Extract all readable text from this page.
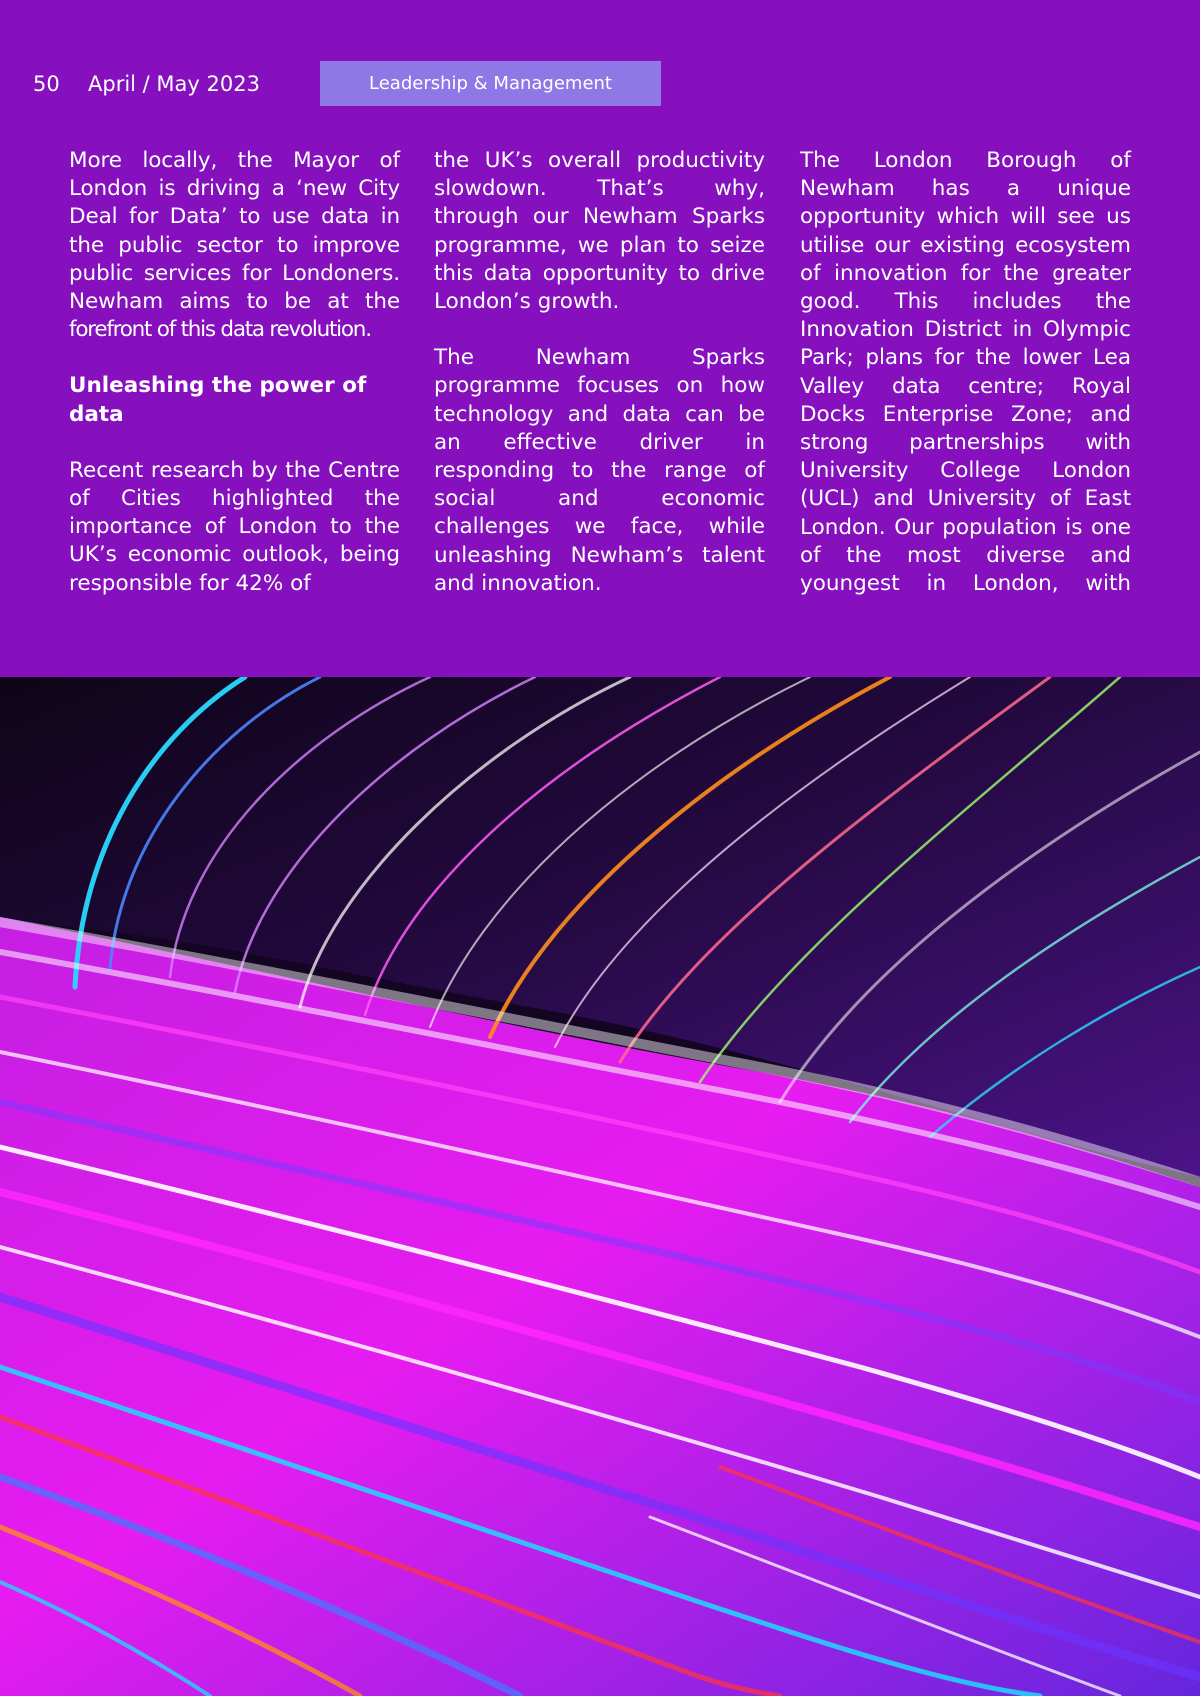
50 April / May 2023	Leadership & Management

More locally, the Mayor of London is driving a ‘new City Deal for Data’ to use data in the public sector to improve public services for Londoners. Newham aims to be at the forefront of this data revolution.

Unleashing the power of data

Recent research by the Centre of Cities highlighted the importance of London to the UK’s economic outlook, being responsible for 42% of

the UK’s overall productivity slowdown. That’s why, through our Newham Sparks programme, we plan to seize this data opportunity to drive London’s growth.

The Newham Sparks programme focuses on how technology and data can be an effective driver in responding to the range of social and economic challenges we face, while unleashing Newham’s talent and innovation.

The London Borough of Newham has a unique opportunity which will see us utilise our existing ecosystem of innovation for the greater good. This includes the Innovation District in Olympic Park; plans for the lower Lea Valley data centre; Royal Docks Enterprise Zone; and strong partnerships with University College London (UCL) and University of East London. Our population is one of the most diverse and youngest in London, with
